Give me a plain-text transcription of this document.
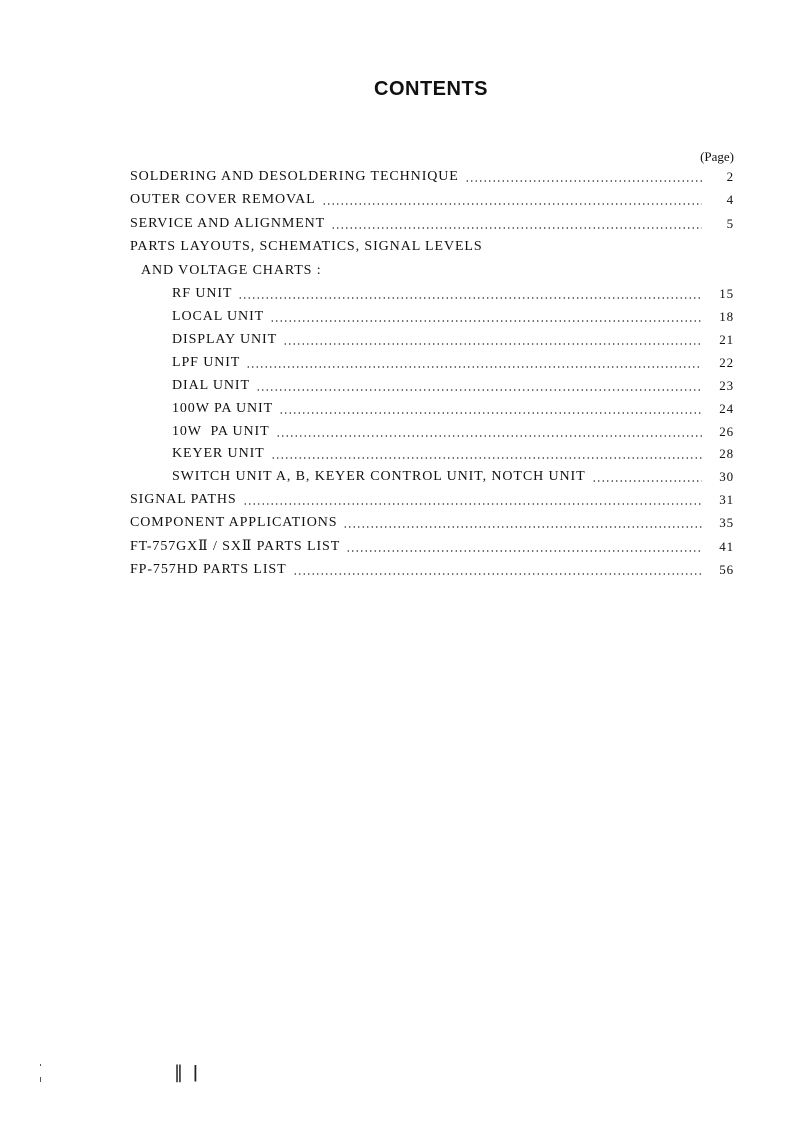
CONTENTS
(Page)
SOLDERING AND DESOLDERING TECHNIQUE	2
OUTER COVER REMOVAL	4
SERVICE AND ALIGNMENT	5
PARTS LAYOUTS, SCHEMATICS, SIGNAL LEVELS
AND VOLTAGE CHARTS :
RF UNIT	15
LOCAL UNIT	18
DISPLAY UNIT	21
LPF UNIT	22
DIAL UNIT	23
100W PA UNIT	24
10W  PA UNIT	26
KEYER UNIT	28
SWITCH UNIT A, B, KEYER CONTROL UNIT, NOTCH UNIT	30
SIGNAL PATHS	31
COMPONENT APPLICATIONS	35
FT-757GXⅡ / SXⅡ PARTS LIST	41
FP-757HD PARTS LIST	56
‖ ǀ
